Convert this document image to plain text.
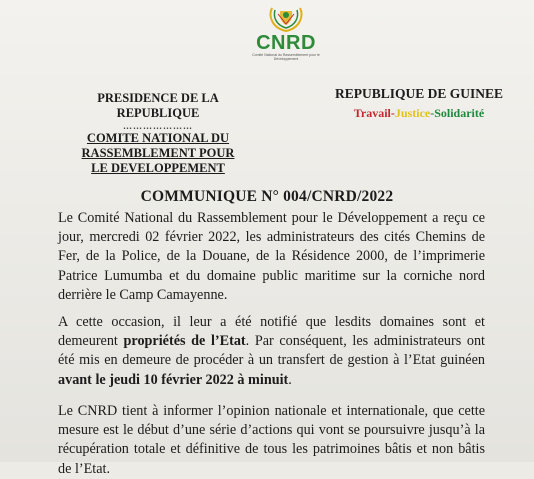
CNRD
Comité National du Rassemblement pour le Développement
PRESIDENCE DE LA REPUBLIQUE
…………………
COMITE NATIONAL DU
RASSEMBLEMENT POUR
LE DEVELOPPEMENT
REPUBLIQUE DE GUINEE
Travail-Justice-Solidarité
COMMUNIQUE N° 004/CNRD/2022
Le Comité National du Rassemblement pour le Développement a reçu ce jour, mercredi 02 février 2022, les administrateurs des cités Chemins de Fer, de la Police, de la Douane, de la Résidence 2000, de l’imprimerie Patrice Lumumba et du domaine public maritime sur la corniche nord derrière le Camp Camayenne.
A cette occasion, il leur a été notifié que lesdits domaines sont et demeurent propriétés de l’Etat. Par conséquent, les administrateurs ont été mis en demeure de procéder à un transfert de gestion à l’Etat guinéen avant le jeudi 10 février 2022 à minuit.
Le CNRD tient à informer l’opinion nationale et internationale, que cette mesure est le début d’une série d’actions qui vont se poursuivre jusqu’à la récupération totale et définitive de tous les patrimoines bâtis et non bâtis de l’Etat.
